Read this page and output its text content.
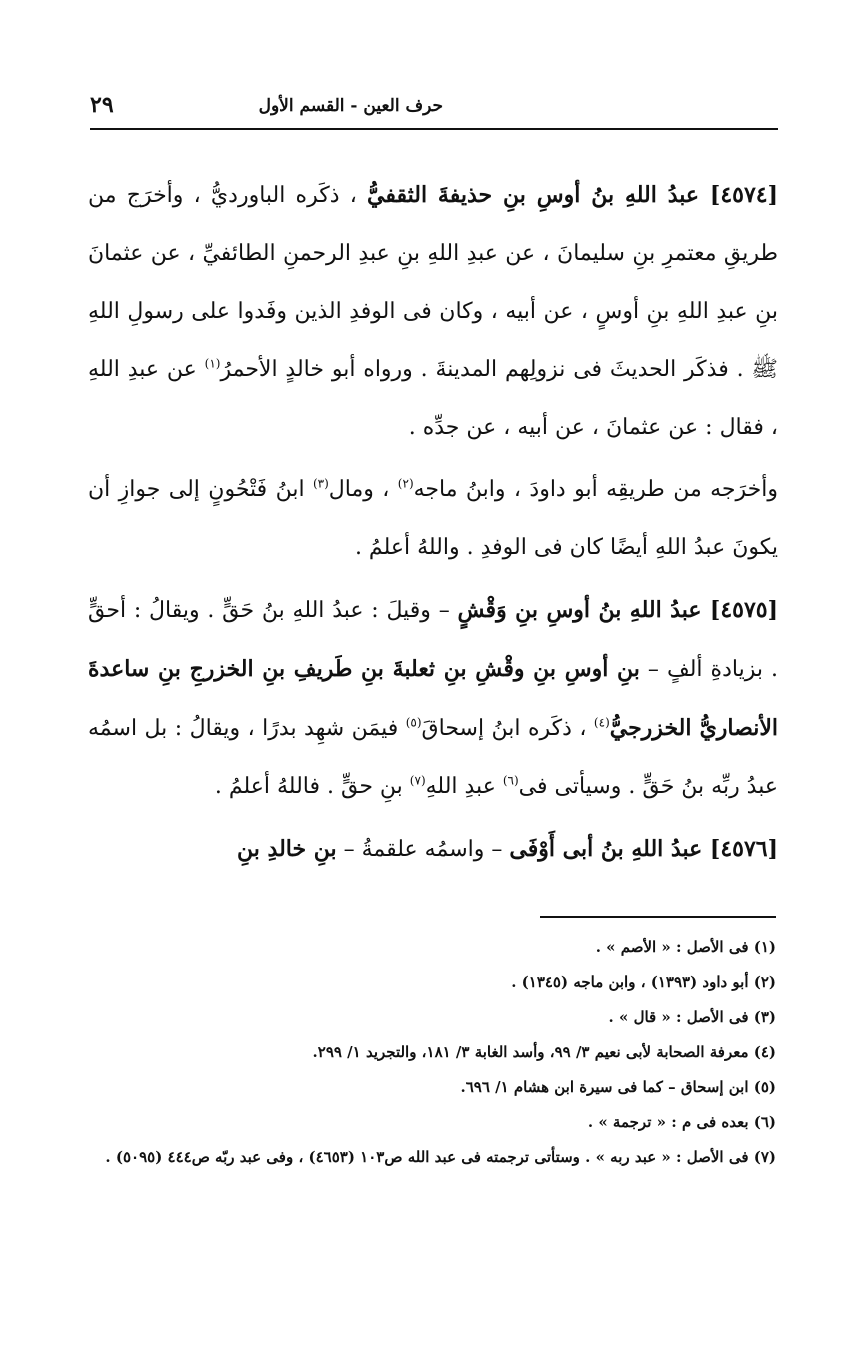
حرف العين - القسم الأول
٢٩

[٤٥٧٤] عبدُ اللهِ بنُ أوسِ بنِ حذيفةَ الثقفيُّ ، ذكَره الباورديُّ ، وأخرَج من طريقِ معتمرِ بنِ سليمانَ ، عن عبدِ اللهِ بنِ عبدِ الرحمنِ الطائفيِّ ، عن عثمانَ بنِ عبدِ اللهِ بنِ أوسٍ ، عن أبيه ، وكان فى الوفدِ الذين وفَدوا على رسولِ اللهِ ﷺ . فذكَر الحديثَ فى نزولِهم المدينةَ . ورواه أبو خالدٍ الأحمرُ$^{(١)}$ عن عبدِ اللهِ ، فقال : عن عثمانَ ، عن أبيه ، عن جدِّه .

وأخرَجه من طريقِه أبو داودَ ، وابنُ ماجه$^{(٢)}$ ، ومال$^{(٣)}$ ابنُ فَتْحُونٍ إلى جوازِ أن يكونَ عبدُ اللهِ أيضًا كان فى الوفدِ . واللهُ أعلمُ .

[٤٥٧٥] عبدُ اللهِ بنُ أوسِ بنِ وَقْشٍ – وقيلَ : عبدُ اللهِ بنُ حَقٍّ . ويقالُ : أحقٍّ . بزيادةِ ألفٍ – بنِ أوسِ بنِ وقْشِ بنِ ثعلبةَ بنِ طَريفِ بنِ الخزرجِ بنِ ساعدةَ الأنصاريُّ الخزرجيُّ$^{(٤)}$ ، ذكَره ابنُ إسحاقَ$^{(٥)}$ فيمَن شهِد بدرًا ، ويقالُ : بل اسمُه عبدُ ربِّه بنُ حَقٍّ . وسيأتى فى$^{(٦)}$ عبدِ اللهِ$^{(٧)}$ بنِ حقٍّ . فاللهُ أعلمُ .

[٤٥٧٦] عبدُ اللهِ بنُ أبى أَوْفَى – واسمُه علقمةُ – بنِ خالدِ بنِ

(١) فى الأصل : « الأصم » .

(٢) أبو داود (١٣٩٣) ، وابن ماجه (١٣٤٥) .

(٣) فى الأصل : « قال » .

(٤) معرفة الصحابة لأبى نعيم ٣/ ٩٩، وأسد الغابة ٣/ ١٨١، والتجريد ١/ ٢٩٩.

(٥) ابن إسحاق – كما فى سيرة ابن هشام ١/ ٦٩٦.

(٦) بعده فى م : « ترجمة » .

(٧) فى الأصل : « عبد ربه » . وستأتى ترجمته فى عبد الله ص١٠٣ (٤٦٥٣) ، وفى عبد ربّه ص٤٤٤ (٥٠٩٥) .
